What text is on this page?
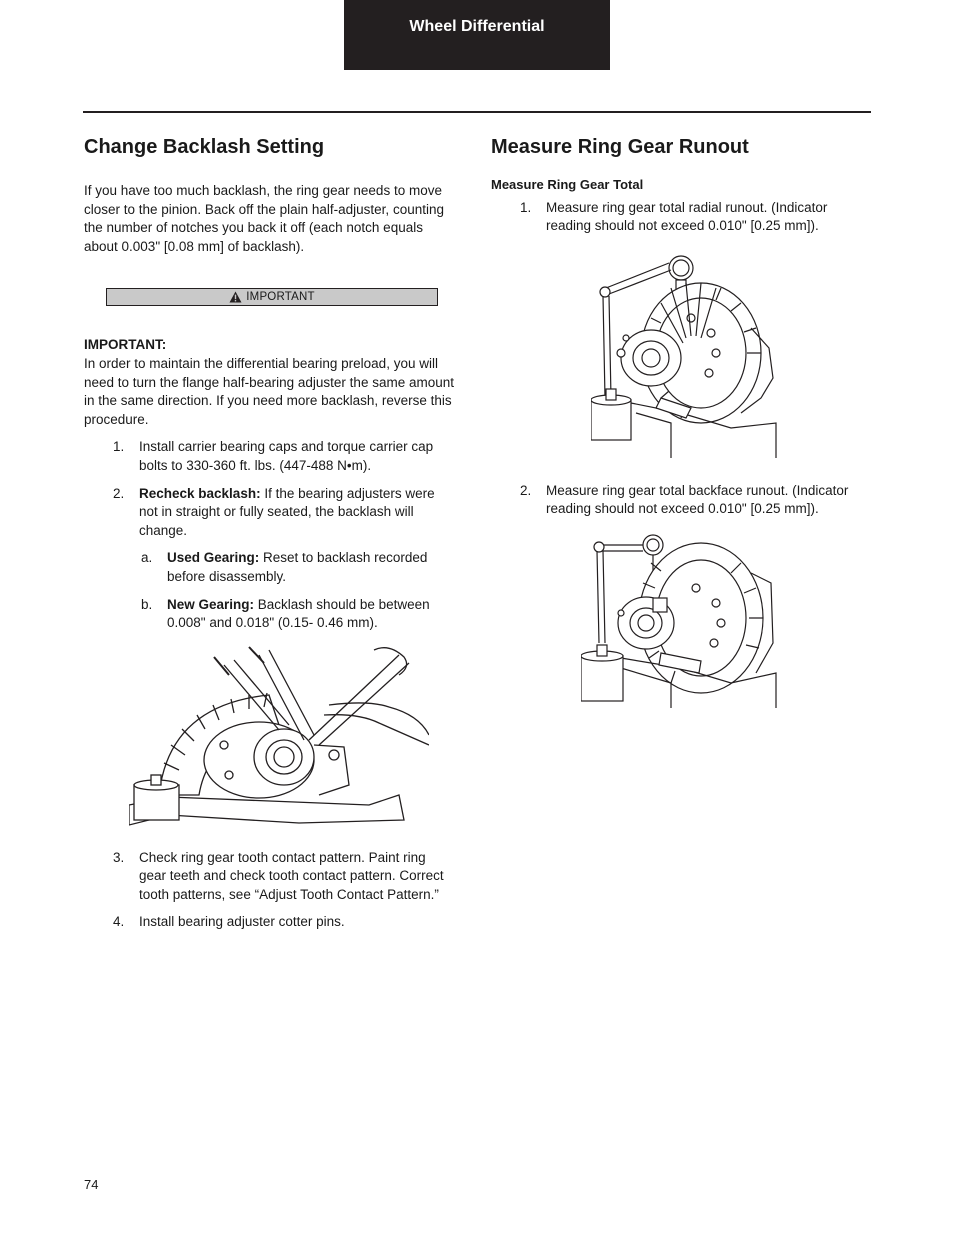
Wheel Differential
Change Backlash Setting

If you have too much backlash, the ring gear needs to move closer to the pinion. Back off the plain half-adjuster, counting the number of notches you back it off (each notch equals about 0.003" [0.08 mm] of backlash).

IMPORTANT

IMPORTANT:

In order to maintain the differential bearing preload, you will need to turn the flange half-bearing adjuster the same amount in the same direction. If you need more backlash, reverse this procedure.

1.	Install carrier bearing caps and torque carrier cap bolts to 330-360 ft. lbs. (447-488 N•m).
2.	Recheck backlash: If the bearing adjusters were not in straight or fully seated, the backlash will change.
a.	Used Gearing: Reset to backlash recorded before disassembly.
b.	New Gearing: Backlash should be between 0.008" and 0.018" (0.15- 0.46 mm).
3.	Check ring gear tooth contact pattern. Paint ring gear teeth and check tooth contact pattern. Correct tooth patterns, see “Adjust Tooth Contact Pattern.”
4.	Install bearing adjuster cotter pins.
Measure Ring Gear Runout

Measure Ring Gear Total

1.	Measure ring gear total radial runout. (Indicator reading should not exceed 0.010" [0.25 mm]).
2.	Measure ring gear total backface runout. (Indicator reading should not exceed 0.010" [0.25 mm]).
74
